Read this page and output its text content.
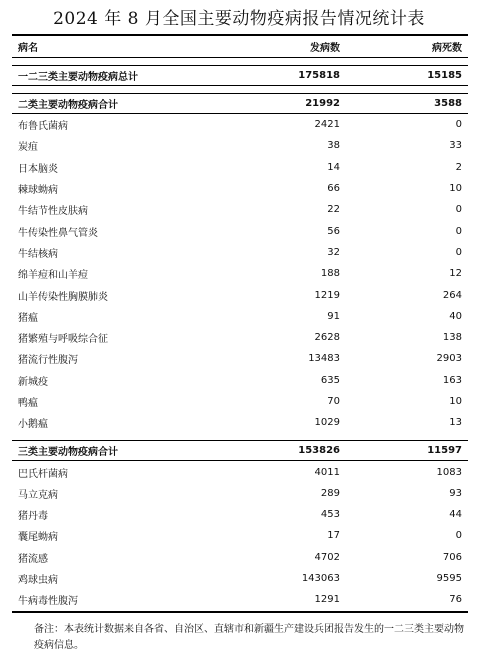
2024 年 8 月全国主要动物疫病报告情况统计表
病名	发病数	病死数

一二三类主要动物疫病总计	175818	15185

二类主要动物疫病合计	21992	3588
布鲁氏菌病	2421	0
炭疽	38	33
日本脑炎	14	2
棘球蚴病	66	10
牛结节性皮肤病	22	0
牛传染性鼻气管炎	56	0
牛结核病	32	0
绵羊痘和山羊痘	188	12
山羊传染性胸膜肺炎	1219	264
猪瘟	91	40
猪繁殖与呼吸综合征	2628	138
猪流行性腹泻	13483	2903
新城疫	635	163
鸭瘟	70	10
小鹅瘟	1029	13

三类主要动物疫病合计	153826	11597
巴氏杆菌病	4011	1083
马立克病	289	93
猪丹毒	453	44
囊尾蚴病	17	0
猪流感	4702	706
鸡球虫病	143063	9595
牛病毒性腹泻	1291	76
备注：本表统计数据来自各省、自治区、直辖市和新疆生产建设兵团报告发生的一二三类主要动物疫病信息。
